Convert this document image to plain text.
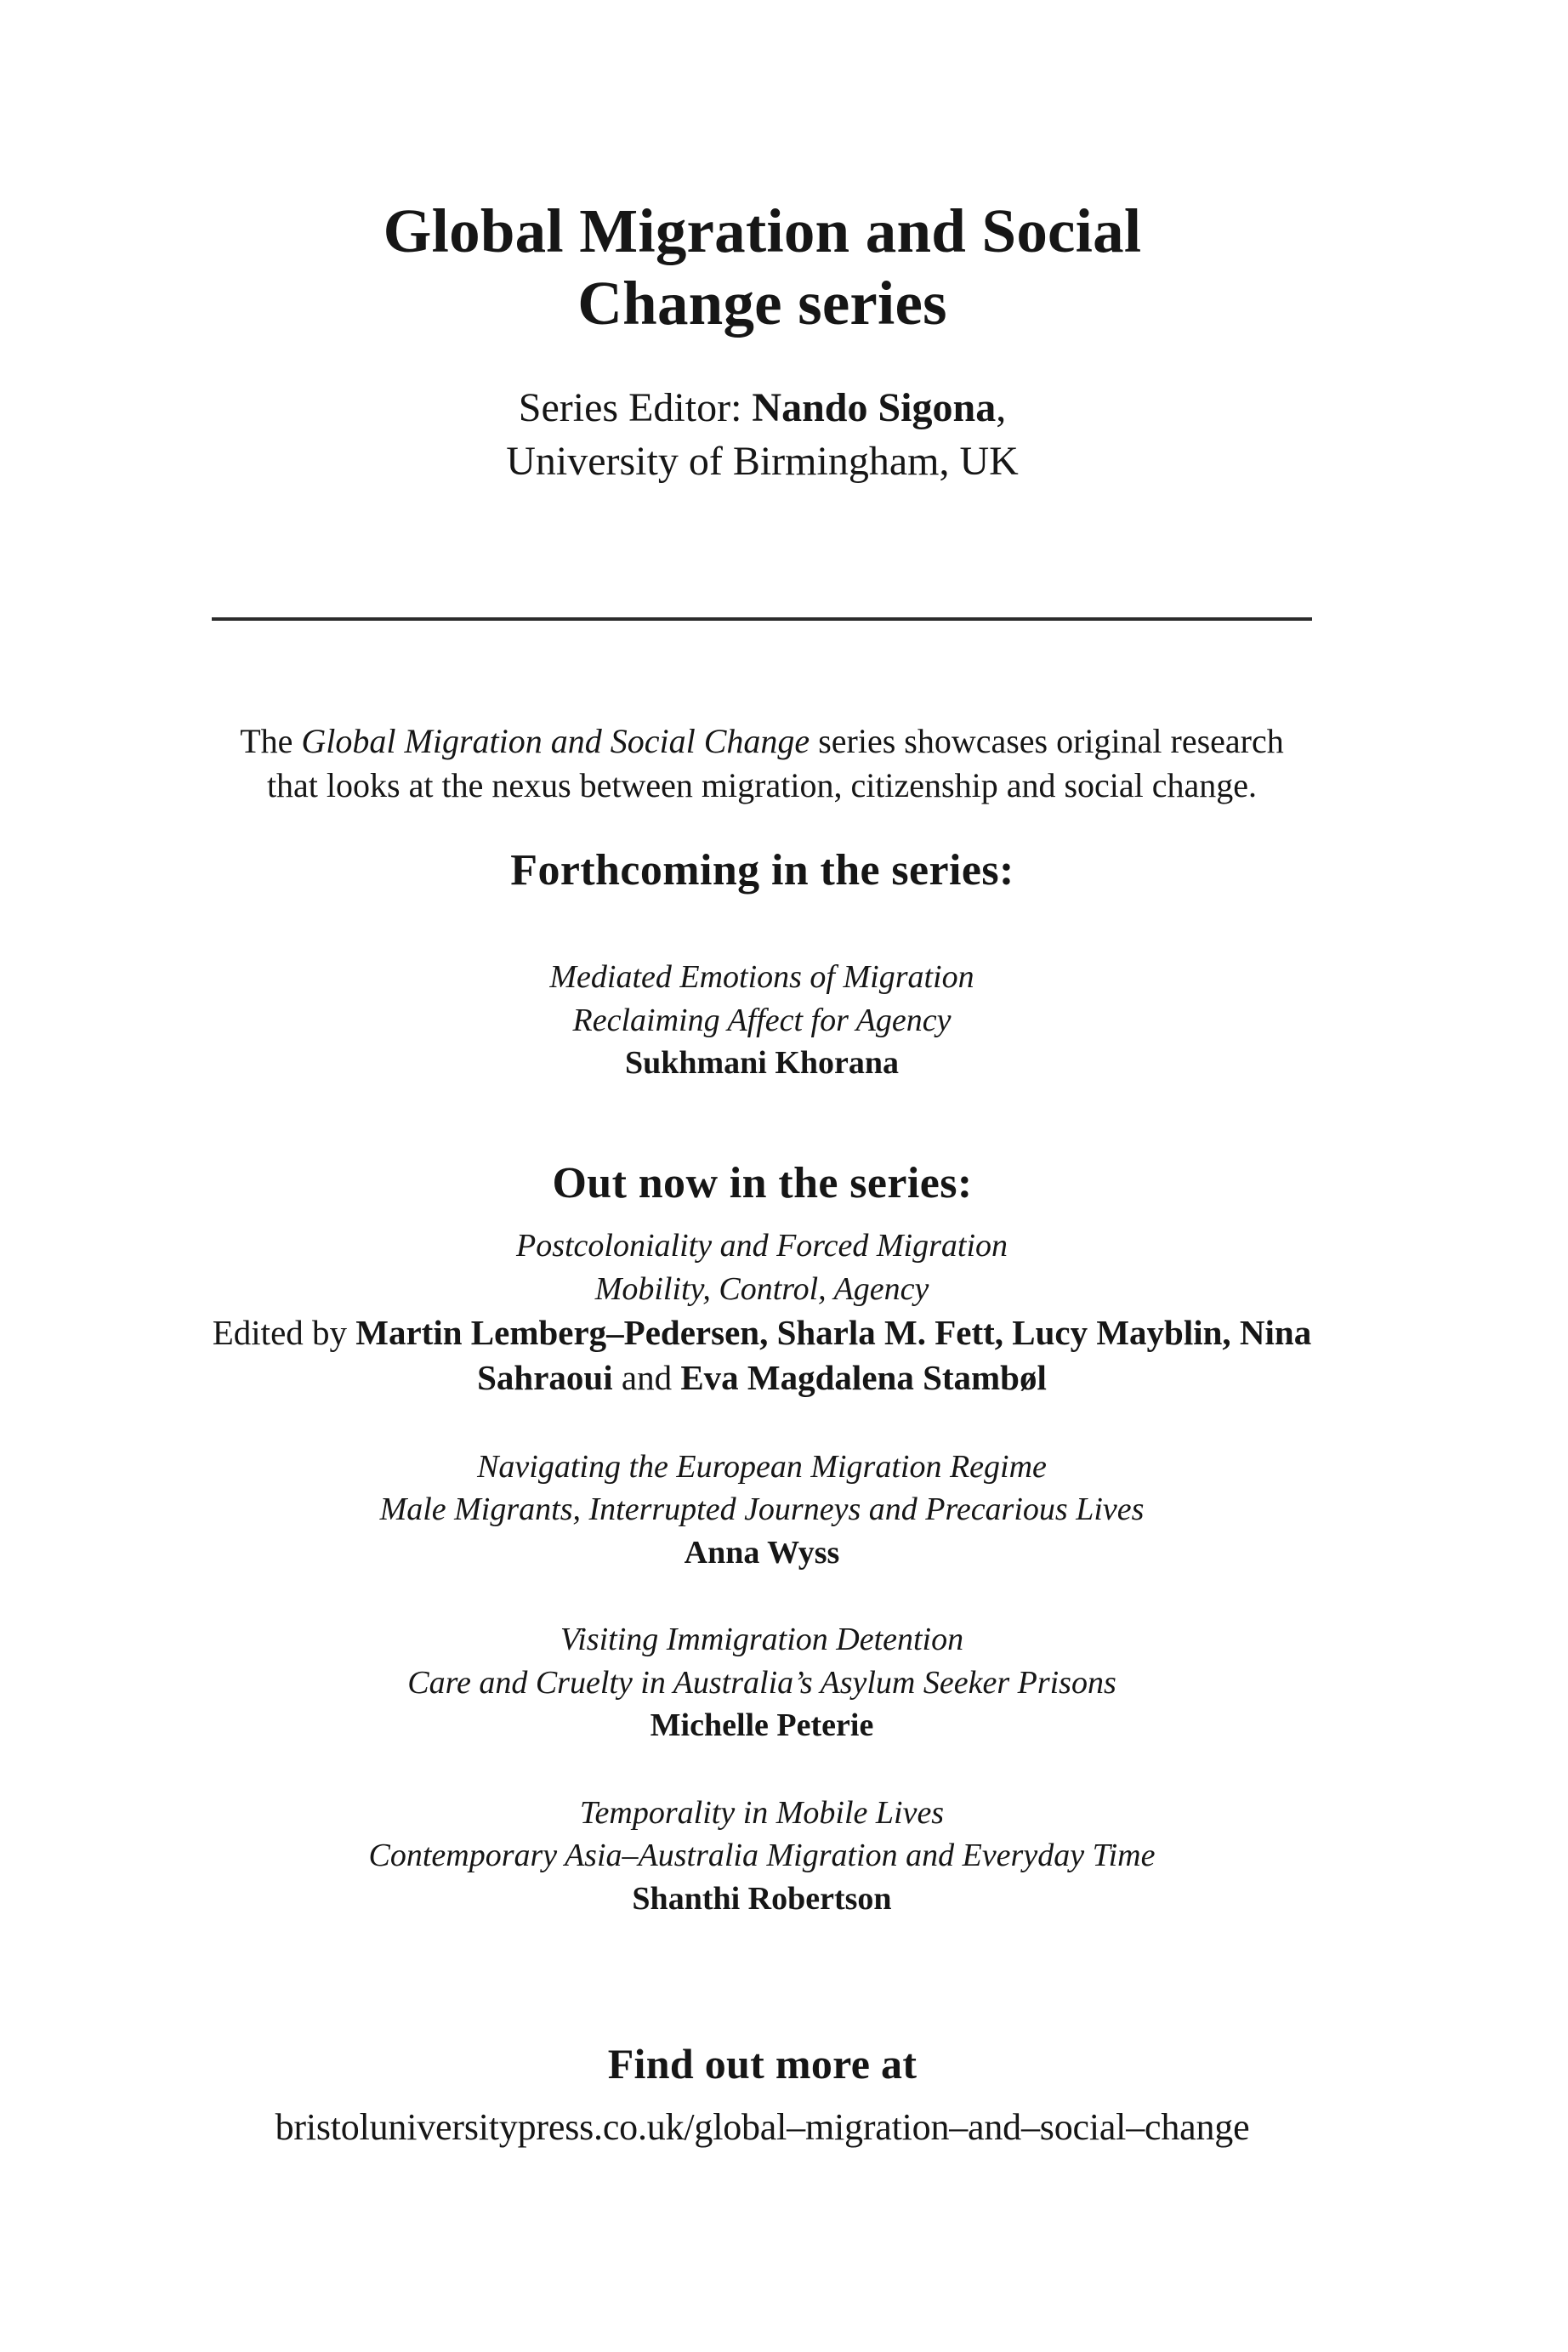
Global Migration and Social
Change series
Series Editor: Nando Sigona,
University of Birmingham, UK

The Global Migration and Social Change series showcases original research that looks at the nexus between migration, citizenship and social change.

Forthcoming in the series:
Mediated Emotions of Migration
Reclaiming Affect for Agency
Sukhmani Khorana
Out now in the series:
Postcoloniality and Forced Migration
Mobility, Control, Agency
Edited by Martin Lemberg–Pedersen, Sharla M. Fett, Lucy Mayblin, Nina Sahraoui and Eva Magdalena Stambøl
Navigating the European Migration Regime
Male Migrants, Interrupted Journeys and Precarious Lives
Anna Wyss
Visiting Immigration Detention
Care and Cruelty in Australia’s Asylum Seeker Prisons
Michelle Peterie
Temporality in Mobile Lives
Contemporary Asia–Australia Migration and Everyday Time
Shanthi Robertson
Find out more at
bristoluniversitypress.co.uk/global–migration–and–social–change
